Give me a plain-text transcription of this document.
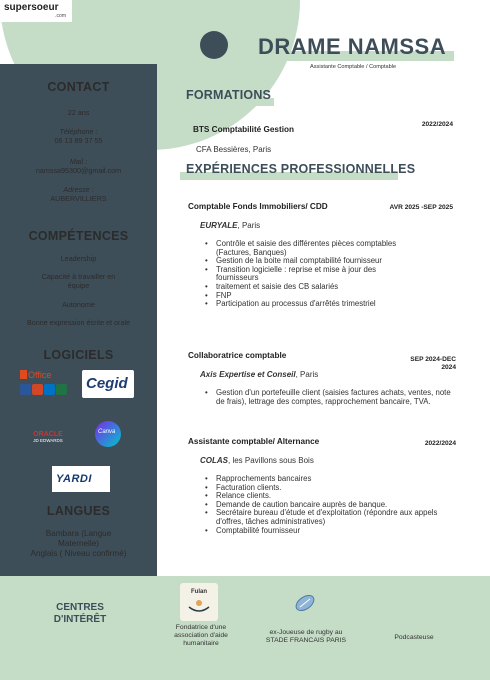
supersoeur
.com
DRAME NAMSSA
Assistante Comptable / Comptable
CONTACT
22 ans
Téléphone :
06 13 89 37 55
Mail :
namssa95300@gmail.com
Adresse :
AUBERVILLIERS
COMPÉTENCES
Leadership
Capacité à travailler en équipe
Autonome
Bonne expression écrite et orale
LOGICIELS
Office Cegid
ORACLE
JD EDWARDS
Canva
YARDI
LANGUES
Bambara (Langue Maternelle)
Anglais ( Niveau confirmé)
FORMATIONS
BTS Comptabilité Gestion
2022/2024
CFA Bessières, Paris
EXPÉRIENCES PROFESSIONNELLES
Comptable Fonds Immobiliers/ CDD	AVR 2025 -SEP 2025
EURYALE, Paris
• Contrôle et saisie des différentes pièces comptables (Factures, Banques)
• Gestion de la boite mail comptabilité fournisseur
• Transition logicielle : reprise et mise à jour des fournisseurs
• traitement et saisie des CB salariés
• FNP
• Participation au processus d'arrêtés trimestriel
Collaboratrice comptable	SEP 2024-DEC 2024
Axis Expertise et Conseil, Paris
• Gestion d'un portefeuille client (saisies factures achats, ventes, note de frais), lettrage des comptes, rapprochement bancaire, TVA.
Assistante comptable/ Alternance	2022/2024
COLAS, les Pavillons sous Bois
• Rapprochements bancaires
• Facturation clients.
• Relance clients.
• Demande de caution bancaire auprès de banque.
• Secrétaire bureau d'étude et d'exploitation (répondre aux appels d'offres, tâches administratives)
• Comptabilité fournisseur
CENTRES D'INTÉRÊT
Fulan
Fondatrice d'une association d'aide humanitaire
ex-Joueuse de rugby au STADE FRANCAIS PARIS	Podcasteuse
